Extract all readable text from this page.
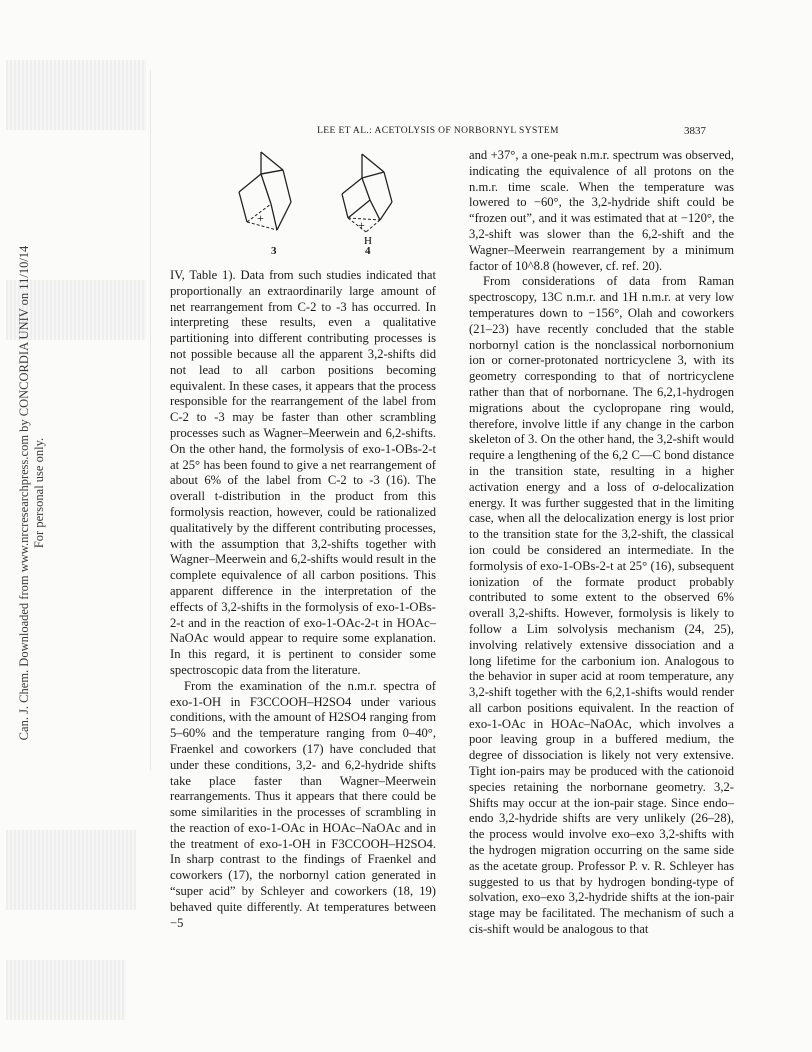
Can. J. Chem. Downloaded from www.nrcresearchpress.com by CONCORDIA UNIV on 11/10/14 For personal use only.
LEE ET AL.: ACETOLYSIS OF NORBORNYL SYSTEM	3837
+
3
+
H
4

IV, Table 1). Data from such studies indicated that proportionally an extraordinarily large amount of net rearrangement from C-2 to -3 has occurred. In interpreting these results, even a qualitative partitioning into different contributing processes is not possible because all the apparent 3,2-shifts did not lead to all carbon positions becoming equivalent. In these cases, it appears that the process responsible for the rearrangement of the label from C-2 to -3 may be faster than other scrambling processes such as Wagner–Meerwein and 6,2-shifts. On the other hand, the formolysis of exo-1-OBs-2-t at 25° has been found to give a net rearrangement of about 6% of the label from C-2 to -3 (16). The overall t-distribution in the product from this formolysis reaction, however, could be rationalized qualitatively by the different contributing processes, with the assumption that 3,2-shifts together with Wagner–Meerwein and 6,2-shifts would result in the complete equivalence of all carbon positions. This apparent difference in the interpretation of the effects of 3,2-shifts in the formolysis of exo-1-OBs-2-t and in the reaction of exo-1-OAc-2-t in HOAc–NaOAc would appear to require some explanation. In this regard, it is pertinent to consider some spectroscopic data from the literature.

From the examination of the n.m.r. spectra of exo-1-OH in F3CCOOH–H2SO4 under various conditions, with the amount of H2SO4 ranging from 5–60% and the temperature ranging from 0–40°, Fraenkel and coworkers (17) have concluded that under these conditions, 3,2- and 6,2-hydride shifts take place faster than Wagner–Meerwein rearrangements. Thus it appears that there could be some similarities in the processes of scrambling in the reaction of exo-1-OAc in HOAc–NaOAc and in the treatment of exo-1-OH in F3CCOOH–H2SO4. In sharp contrast to the findings of Fraenkel and coworkers (17), the norbornyl cation generated in “super acid” by Schleyer and coworkers (18, 19) behaved quite differently. At temperatures between −5

and +37°, a one-peak n.m.r. spectrum was observed, indicating the equivalence of all protons on the n.m.r. time scale. When the temperature was lowered to −60°, the 3,2-hydride shift could be “frozen out”, and it was estimated that at −120°, the 3,2-shift was slower than the 6,2-shift and the Wagner–Meerwein rearrangement by a minimum factor of 10^8.8 (however, cf. ref. 20).

From considerations of data from Raman spectroscopy, 13C n.m.r. and 1H n.m.r. at very low temperatures down to −156°, Olah and coworkers (21–23) have recently concluded that the stable norbornyl cation is the nonclassical norbornonium ion or corner-protonated nortricyclene 3, with its geometry corresponding to that of nortricyclene rather than that of norbornane. The 6,2,1-hydrogen migrations about the cyclopropane ring would, therefore, involve little if any change in the carbon skeleton of 3. On the other hand, the 3,2-shift would require a lengthening of the 6,2 C—C bond distance in the transition state, resulting in a higher activation energy and a loss of σ-delocalization energy. It was further suggested that in the limiting case, when all the delocalization energy is lost prior to the transition state for the 3,2-shift, the classical ion could be considered an intermediate. In the formolysis of exo-1-OBs-2-t at 25° (16), subsequent ionization of the formate product probably contributed to some extent to the observed 6% overall 3,2-shifts. However, formolysis is likely to follow a Lim solvolysis mechanism (24, 25), involving relatively extensive dissociation and a long lifetime for the carbonium ion. Analogous to the behavior in super acid at room temperature, any 3,2-shift together with the 6,2,1-shifts would render all carbon positions equivalent. In the reaction of exo-1-OAc in HOAc–NaOAc, which involves a poor leaving group in a buffered medium, the degree of dissociation is likely not very extensive. Tight ion-pairs may be produced with the cationoid species retaining the norbornane geometry. 3,2-Shifts may occur at the ion-pair stage. Since endo–endo 3,2-hydride shifts are very unlikely (26–28), the process would involve exo–exo 3,2-shifts with the hydrogen migration occurring on the same side as the acetate group. Professor P. v. R. Schleyer has suggested to us that by hydrogen bonding-type of solvation, exo–exo 3,2-hydride shifts at the ion-pair stage may be facilitated. The mechanism of such a cis-shift would be analogous to that
